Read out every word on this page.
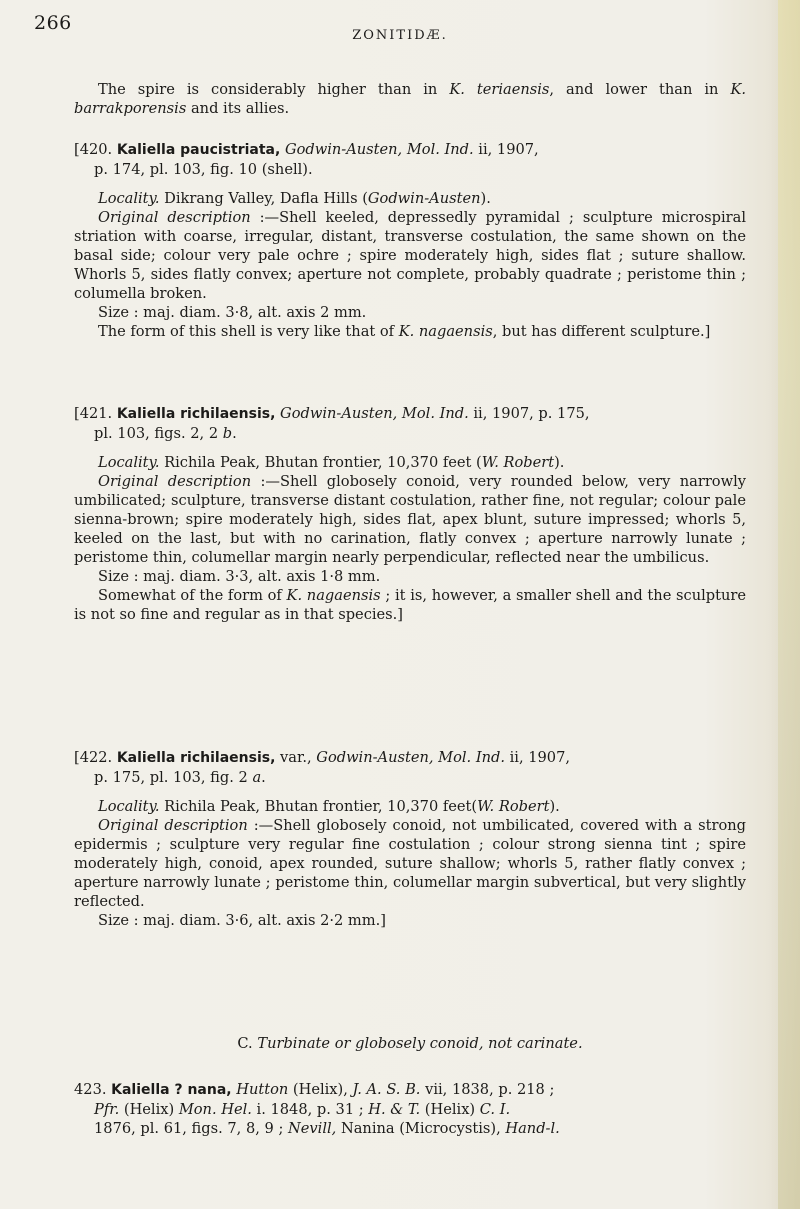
266
ZONITIDÆ.

The spire is considerably higher than in K. teriaensis, and lower than in K. barrakporensis and its allies.

[420. Kaliella paucistriata, Godwin-Austen, Mol. Ind. ii, 1907,

p. 174, pl. 103, fig. 10 (shell).

Locality. Dikrang Valley, Dafla Hills (Godwin-Austen).

Original description :—Shell keeled, depressedly pyramidal ; sculpture microspiral striation with coarse, irregular, distant, transverse costulation, the same shown on the basal side; colour very pale ochre ; spire moderately high, sides flat ; suture shallow. Whorls 5, sides flatly convex; aperture not complete, probably quadrate ; peristome thin ; columella broken.

Size : maj. diam. 3·8, alt. axis 2 mm.

The form of this shell is very like that of K. nagaensis, but has different sculpture.]

[421. Kaliella richilaensis, Godwin-Austen, Mol. Ind. ii, 1907, p. 175,

pl. 103, figs. 2, 2 b.

Locality. Richila Peak, Bhutan frontier, 10,370 feet (W. Robert).

Original description :—Shell globosely conoid, very rounded below, very narrowly umbilicated; sculpture, transverse distant costulation, rather fine, not regular; colour pale sienna-brown; spire moderately high, sides flat, apex blunt, suture impressed; whorls 5, keeled on the last, but with no carination, flatly convex ; aperture narrowly lunate ; peristome thin, columellar margin nearly perpendicular, reflected near the umbilicus.

Size : maj. diam. 3·3, alt. axis 1·8 mm.

Somewhat of the form of K. nagaensis ; it is, however, a smaller shell and the sculpture is not so fine and regular as in that species.]

[422. Kaliella richilaensis, var., Godwin-Austen, Mol. Ind. ii, 1907,

p. 175, pl. 103, fig. 2 a.

Locality. Richila Peak, Bhutan frontier, 10,370 feet(W. Robert).

Original description :—Shell globosely conoid, not umbilicated, covered with a strong epidermis ; sculpture very regular fine costulation ; colour strong sienna tint ; spire moderately high, conoid, apex rounded, suture shallow; whorls 5, rather flatly convex ; aperture narrowly lunate ; peristome thin, columellar margin subvertical, but very slightly reflected.

Size : maj. diam. 3·6, alt. axis 2·2 mm.]

C. Turbinate or globosely conoid, not carinate.

423. Kaliella ? nana, Hutton (Helix), J. A. S. B. vii, 1838, p. 218 ;

Pfr. (Helix) Mon. Hel. i. 1848, p. 31 ; H. & T. (Helix) C. I.

1876, pl. 61, figs. 7, 8, 9 ; Nevill, Nanina (Microcystis), Hand-l.
